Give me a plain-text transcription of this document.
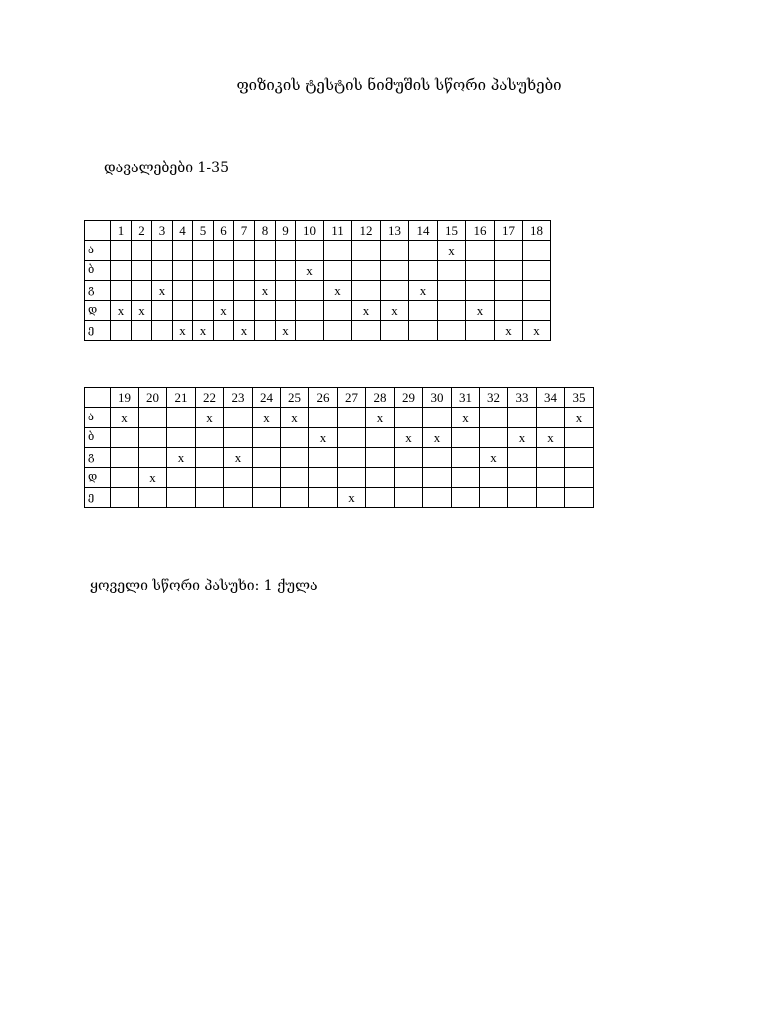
ფიზიკის ტესტის ნიმუშის სწორი პასუხები
დავალებები 1-35
	1	2	3	4	5	6	7	8	9	10	11	12	13	14	15	16	17	18
ა															x			
ბ										x								
გ			x					x			x			x				
დ	x	x				x						x	x			x		
ე				x	x		x		x								x	x
	19	20	21	22	23	24	25	26	27	28	29	30	31	32	33	34	35
ა	x			x		x	x			x			x				x
ბ								x			x	x			x	x	
გ			x		x									x			
დ		x															
ე									x								
ყოველი სწორი პასუხი: 1 ქულა
